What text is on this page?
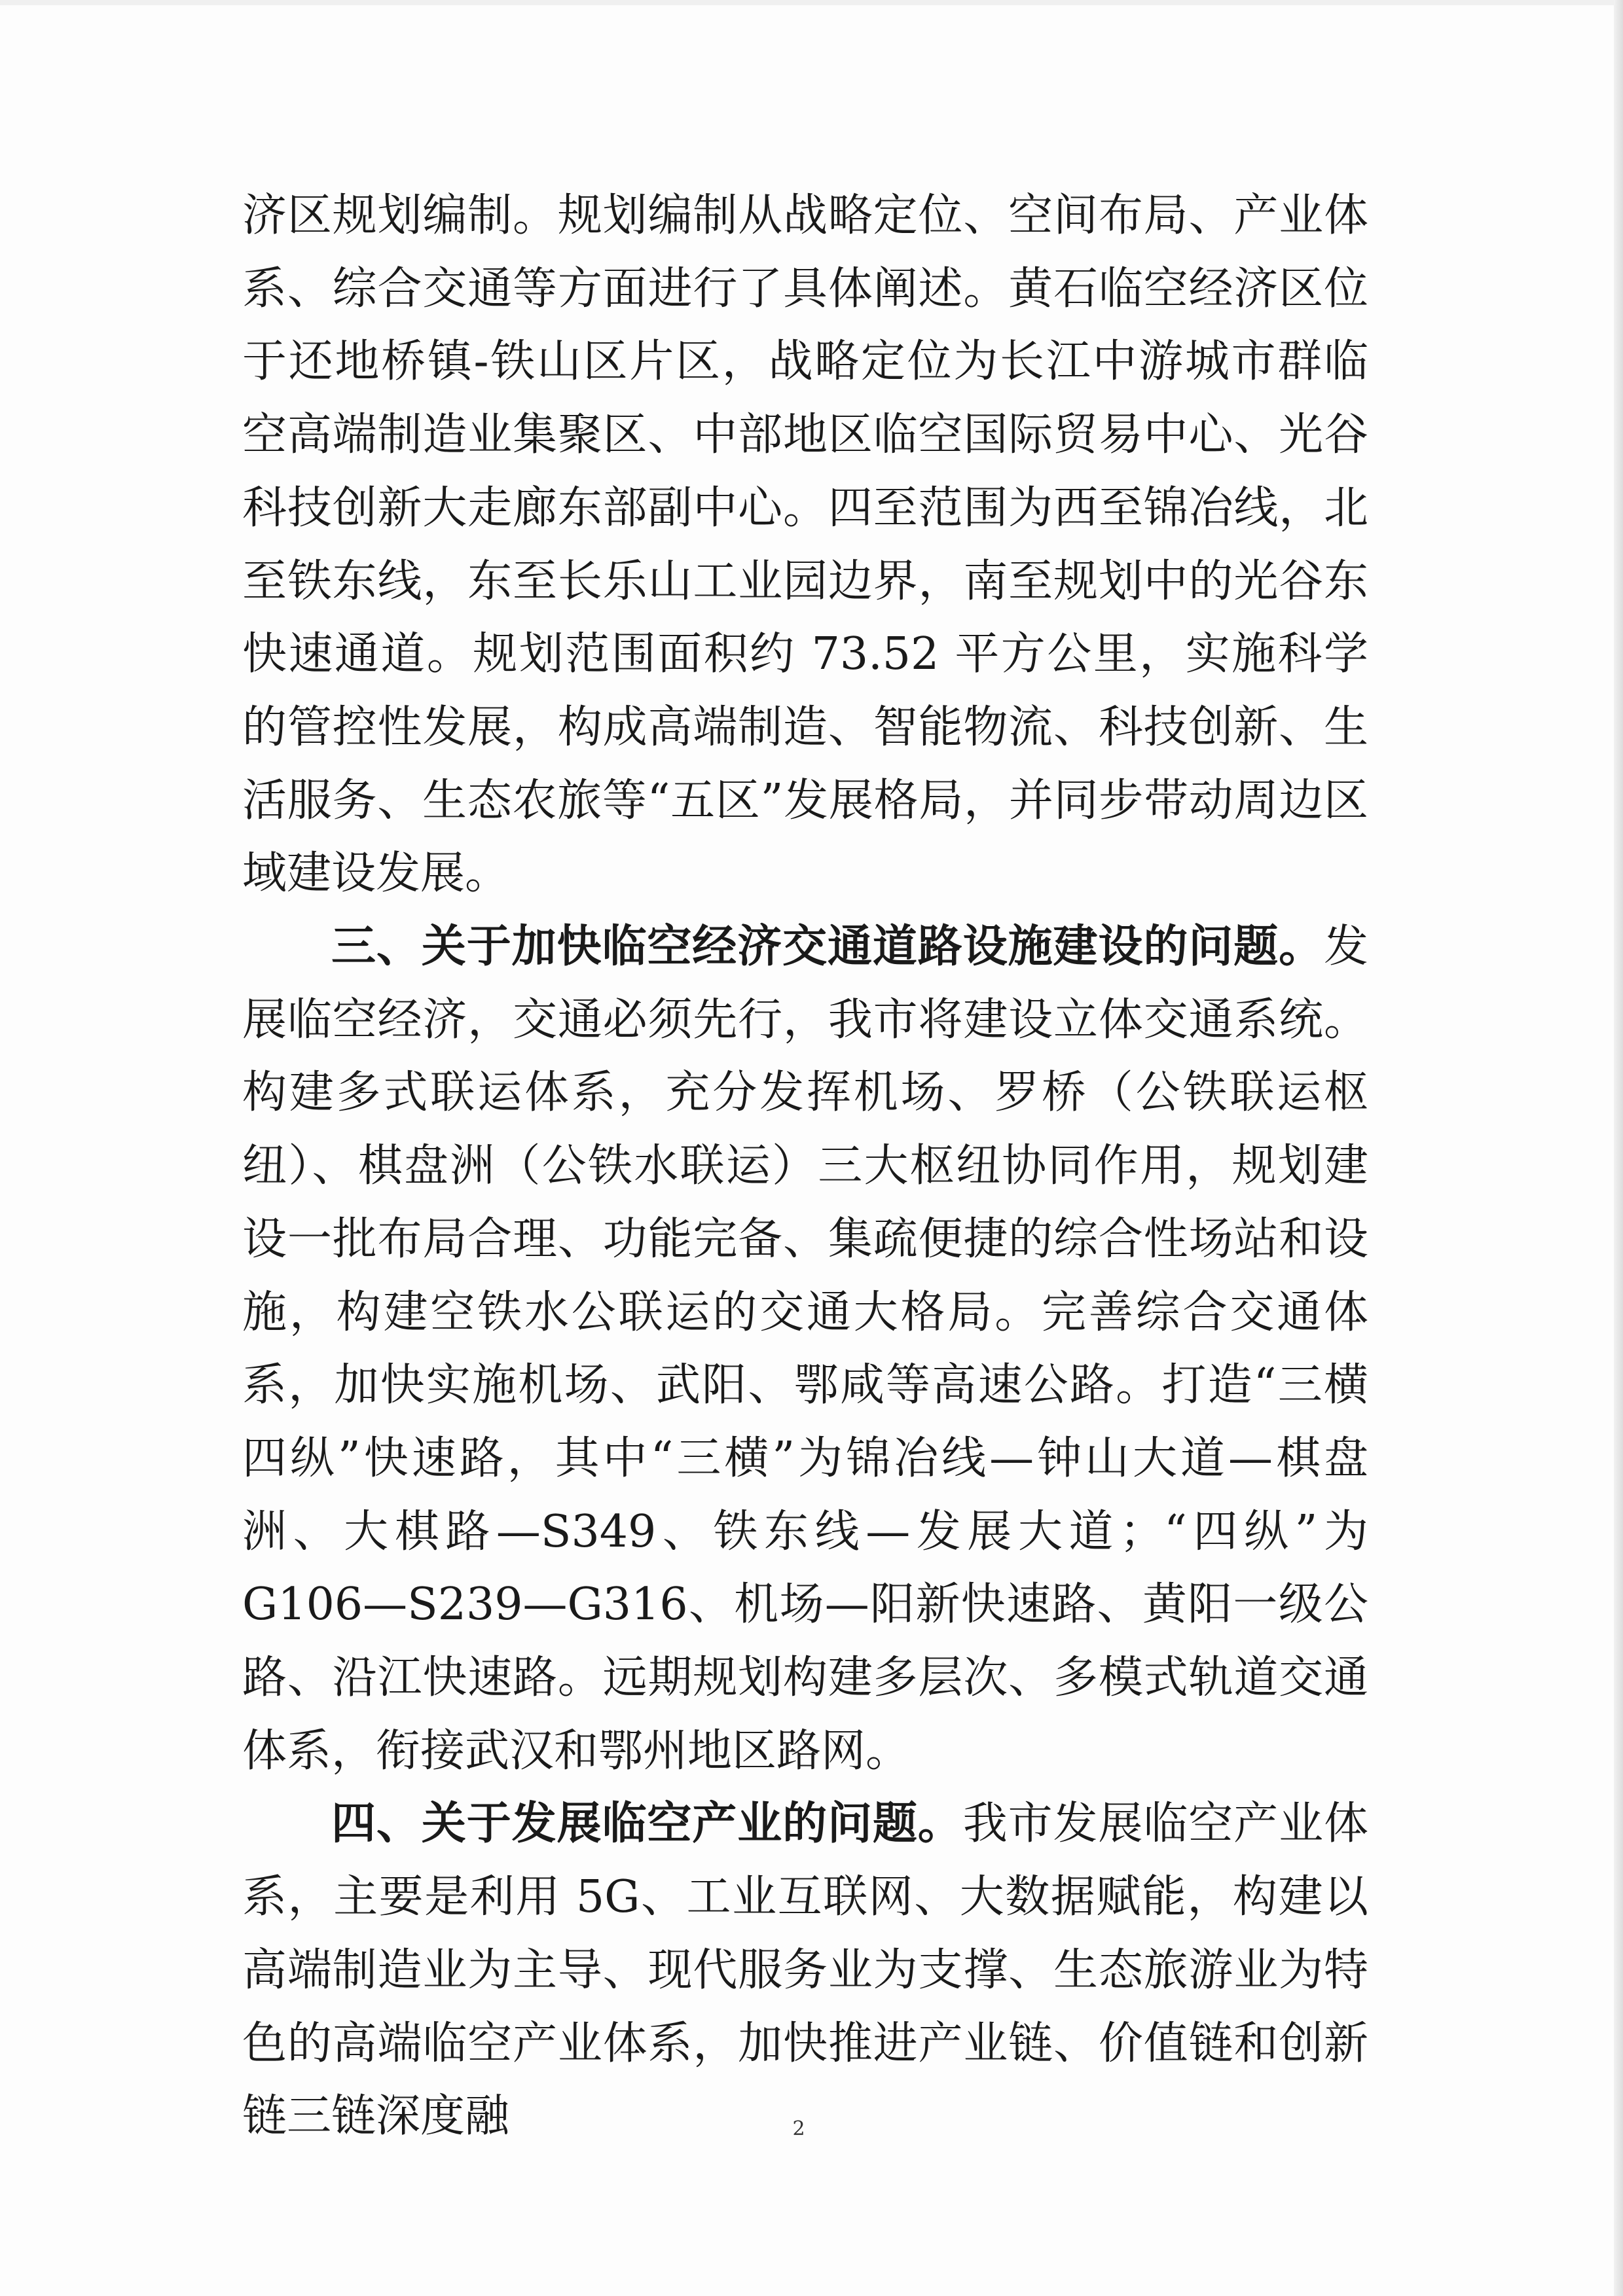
济区规划编制。规划编制从战略定位、空间布局、产业体系、综合交通等方面进行了具体阐述。黄石临空经济区位于还地桥镇-铁山区片区，战略定位为长江中游城市群临空高端制造业集聚区、中部地区临空国际贸易中心、光谷科技创新大走廊东部副中心。四至范围为西至锦冶线，北至铁东线，东至长乐山工业园边界，南至规划中的光谷东快速通道。规划范围面积约 73.52 平方公里，实施科学的管控性发展，构成高端制造、智能物流、科技创新、生活服务、生态农旅等“五区”发展格局，并同步带动周边区域建设发展。

三、关于加快临空经济交通道路设施建设的问题。发展临空经济，交通必须先行，我市将建设立体交通系统。构建多式联运体系，充分发挥机场、罗桥（公铁联运枢纽）、棋盘洲（公铁水联运）三大枢纽协同作用，规划建设一批布局合理、功能完备、集疏便捷的综合性场站和设施，构建空铁水公联运的交通大格局。完善综合交通体系，加快实施机场、武阳、鄂咸等高速公路。打造“三横四纵”快速路，其中“三横”为锦冶线—钟山大道—棋盘洲、大棋路—S349、铁东线—发展大道；“四纵”为 G106—S239—G316、机场—阳新快速路、黄阳一级公路、沿江快速路。远期规划构建多层次、多模式轨道交通体系，衔接武汉和鄂州地区路网。

四、关于发展临空产业的问题。我市发展临空产业体系，主要是利用 5G、工业互联网、大数据赋能，构建以高端制造业为主导、现代服务业为支撑、生态旅游业为特色的高端临空产业体系，加快推进产业链、价值链和创新链三链深度融	2
